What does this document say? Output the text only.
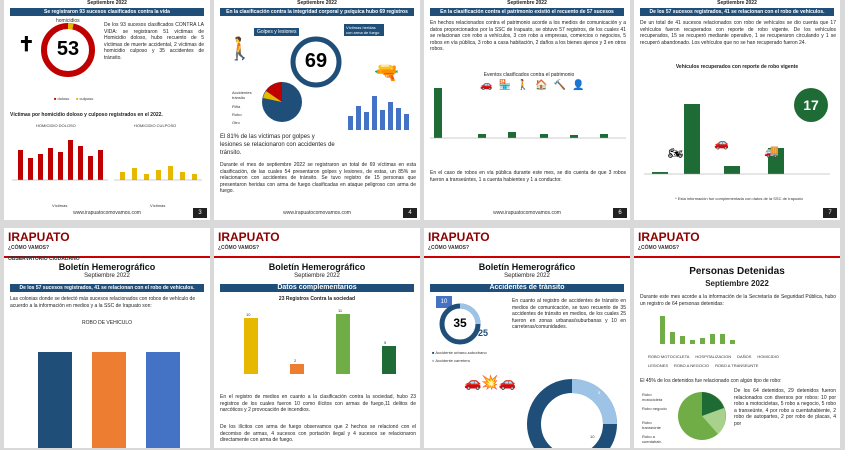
Septiembre 2022
Se registraron 93 sucesos clasificados contra la vida
homicidios
✝	53
De los 93 sucesos clasificados CONTRA LA VIDA: se registraron 51 víctimas de Homicidio doloso, hubo recuento de 5 víctimas de muerte accidental, 2 víctimas de homicidio culposo y 35 accidentes de tránsito.
■ doloso ■ culposo
Víctimas por homicidio doloso y culposo registrados en el 2022.
HOMICIDIO DOLOSO	HOMICIDIO CULPOSO
Víctimas	Víctimas
www.irapuatocomovamos.com	3
Septiembre 2022
En la clasificación contra la integridad corporal y psíquica hubo 69 registros
🚶
Golpes y lesiones
Víctimas heridas con arma de fuego
69
🔫
Accidentes tránsito
Riña
Robo
Otro
El 81% de las víctimas por golpes y lesiones se relacionaron con accidentes de tránsito.
Durante el mes de septiembre 2022 se registraron un total de 69 víctimas en esta clasificación, de las cuales 54 presentaron golpes y lesiones, de estas, un 85% se relacionaron con accidentes de tránsito. Se tuvo registro de 15 personas que presentaron heridas con arma de fuego clasificadas en ataque peligroso con arma de fuego.
www.irapuatocomovamos.com	4
Septiembre 2022
En la clasificación contra el patrimonio existió el recuento de 57 sucesos
En hechos relacionados contra el patrimonio acorde a los medios de comunicación y a datos proporcionados por la SSC de Irapuato, se obtuvo 57 registros, de los cuales 41 se relacionan con robo a vehículos, 3 con robo a empresas, comercios o negocios, 5 robos en vía pública, 3 robo a casa habitación, 2 daños a los bienes ajenos y 3 en otros robos.
Eventos clasificados contra el patrimonio
🚗🏪🚶🏠🔨👤
En el caso de robos en vía pública durante este mes, se dio cuenta de que 3 robos fueron a transeúntes, 1 a cuenta habientes y 1 a conductor.
www.irapuatocomovamos.com	6
Septiembre 2022
De los 57 sucesos registrados, 41 se relacionan con el robo de vehículos.
De un total de 41 sucesos relacionados con robo de vehículos se dio cuenta que 17 vehículos fueron recuperados con reporte de robo vigente. De los vehículos recuperados, 15 se recuperó mediante operativo, 1 se recuperaron circulando y 1 se recuperó abandonado. Los vehículos que no se han recuperado fueron 24.
Vehículos recuperados con reporte de robo vigente
17
🏍
🚗
🚚
* Esta información fue complementada con datos de la SSC de Irapuato
7
IRAPUATO
¿CÓMO VAMOS?
OBSERVATORIO CIUDADANO
Boletín Hemerográfico
Septiembre 2022
De los 57 sucesos registrados, 41 se relacionan con el robo de vehículos.
Las colonias donde se detectó más sucesos relacionados con robos de vehículo de acuerdo a la información en medios y a la SSC de Irapuato son:
ROBO DE VEHICULO
IRAPUATO
¿CÓMO VAMOS?
Boletín Hemerográfico
Septiembre 2022
Datos complementarios
23 Registros Contra la sociedad
10
2
11
5
En el registro de medios en cuanto a la clasificación contra la sociedad, hubo 23 registros de los cuales fueron 10 como ilícitos con armas de fuego,11 delitos de narcóticos y 2 provocación de incendios.
De los ilícitos con arma de fuego observamos que 2 hechos se relacionó con el decomiso de armas, 4 sucesos con portación ilegal y 4 sucesos se relacionaron directamente con arma de fuego.
IRAPUATO
¿CÓMO VAMOS?
Boletín Hemerográfico
Septiembre 2022
Accidentes de tránsito
10
35
25
■ Accidente urbano-suburbano
■ Accidente carretero
En cuanto al registro de accidentes de tránsito en medios de comunicación, se tuvo recuento de 35 accidentes de tránsito en medios, de los cuales 25 fueron en zonas urbanas/suburbanas y 10 en carreteras/comunidades.
🚗💥🚗
5
10
IRAPUATO
¿CÓMO VAMOS?
Personas Detenidas
Septiembre 2022
Durante este mes acorde a la información de la Secretaría de Seguridad Pública, hubo un registro de 64 personas detenidas:
ROBO MOTOCICLETA HOSPITALIZACION DAÑOS HOMICIDIO
LESIONES ROBO A NEGOCIO ROBO A TRANSEUNTE
El 45% de los detenidos fue relacionado con algún tipo de robo:
Robo motocicleta
Robo negocio
Robo transeúnte
Robo a cuentahab.
De los 64 detenidos, 29 detenidos fueron relacionados con diversos por robos: 10 por robo a motocicletas, 5 robo a negocio, 5 robo a transeúnte, 4 por robo a cuentahabiente, 2 robo de autopartes, 2 por robo de placas, 4 por
